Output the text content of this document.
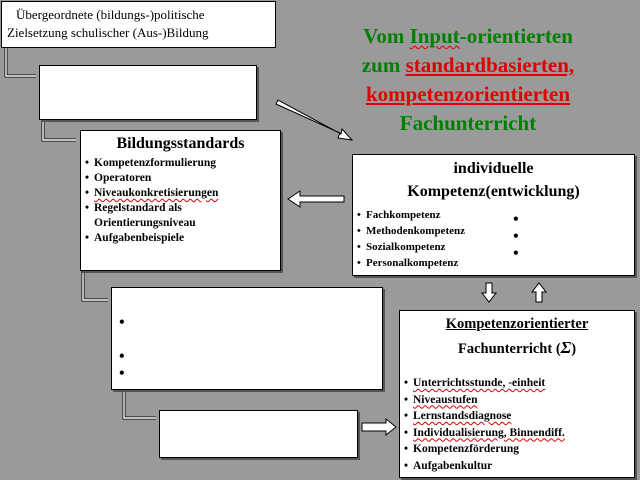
Übergeordnete (bildungs-)politische
Zielsetzung schulischer (Aus-)Bildung	Vom Input-orientierten
zum standardbasierten,
kompetenzorientierten
Fachunterricht
Bildungsstandards
• Kompetenzformulierung
• Operatoren
• Niveaukonkretisierungen
• Regelstandard als Orientierungsniveau
• Aufgabenbeispiele
individuelle
Kompetenz(entwicklung)
• Fachkompetenz
• Methodenkompetenz
• Sozialkompetenz
• Personalkompetenz
•
•
•
•
•
•
Kompetenzorientierter
Fachunterricht (Σ)
• Unterrichtsstunde, -einheit
• Niveaustufen
• Lernstandsdiagnose
• Individualisierung, Binnendiff.
• Kompetenzförderung
• Aufgabenkultur
